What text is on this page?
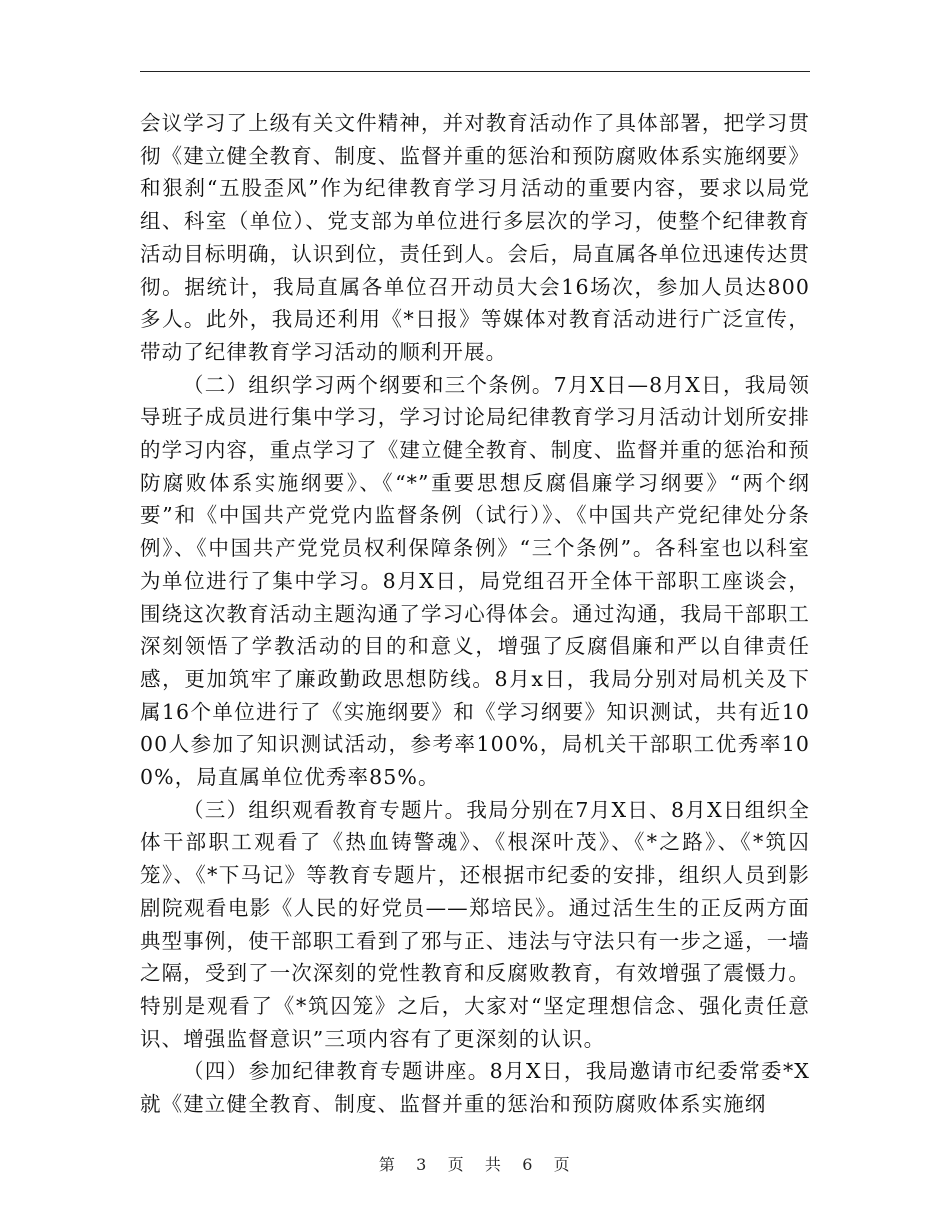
会议学习了上级有关文件精神，并对教育活动作了具体部署，把学习贯彻《建立健全教育、制度、监督并重的惩治和预防腐败体系实施纲要》和狠刹“五股歪风”作为纪律教育学习月活动的重要内容，要求以局党组、科室（单位）、党支部为单位进行多层次的学习，使整个纪律教育活动目标明确，认识到位，责任到人。会后，局直属各单位迅速传达贯彻。据统计，我局直属各单位召开动员大会16场次，参加人员达800多人。此外，我局还利用《*日报》等媒体对教育活动进行广泛宣传，带动了纪律教育学习活动的顺利开展。

（二）组织学习两个纲要和三个条例。7月X日—8月X日，我局领导班子成员进行集中学习，学习讨论局纪律教育学习月活动计划所安排的学习内容，重点学习了《建立健全教育、制度、监督并重的惩治和预防腐败体系实施纲要》、《“*”重要思想反腐倡廉学习纲要》“两个纲要”和《中国共产党党内监督条例（试行）》、《中国共产党纪律处分条例》、《中国共产党党员权利保障条例》“三个条例”。各科室也以科室为单位进行了集中学习。8月X日，局党组召开全体干部职工座谈会，围绕这次教育活动主题沟通了学习心得体会。通过沟通，我局干部职工深刻领悟了学教活动的目的和意义，增强了反腐倡廉和严以自律责任感，更加筑牢了廉政勤政思想防线。8月x日，我局分别对局机关及下属16个单位进行了《实施纲要》和《学习纲要》知识测试，共有近1000人参加了知识测试活动，参考率100%，局机关干部职工优秀率100%，局直属单位优秀率85%。

（三）组织观看教育专题片。我局分别在7月X日、8月X日组织全体干部职工观看了《热血铸警魂》、《根深叶茂》、《*之路》、《*筑囚笼》、《*下马记》等教育专题片，还根据市纪委的安排，组织人员到影剧院观看电影《人民的好党员——郑培民》。通过活生生的正反两方面典型事例，使干部职工看到了邪与正、违法与守法只有一步之遥，一墙之隔，受到了一次深刻的党性教育和反腐败教育，有效增强了震慑力。特别是观看了《*筑囚笼》之后，大家对“坚定理想信念、强化责任意识、增强监督意识”三项内容有了更深刻的认识。

（四）参加纪律教育专题讲座。8月X日，我局邀请市纪委常委*X就《建立健全教育、制度、监督并重的惩治和预防腐败体系实施纲

第 3 页 共 6 页
